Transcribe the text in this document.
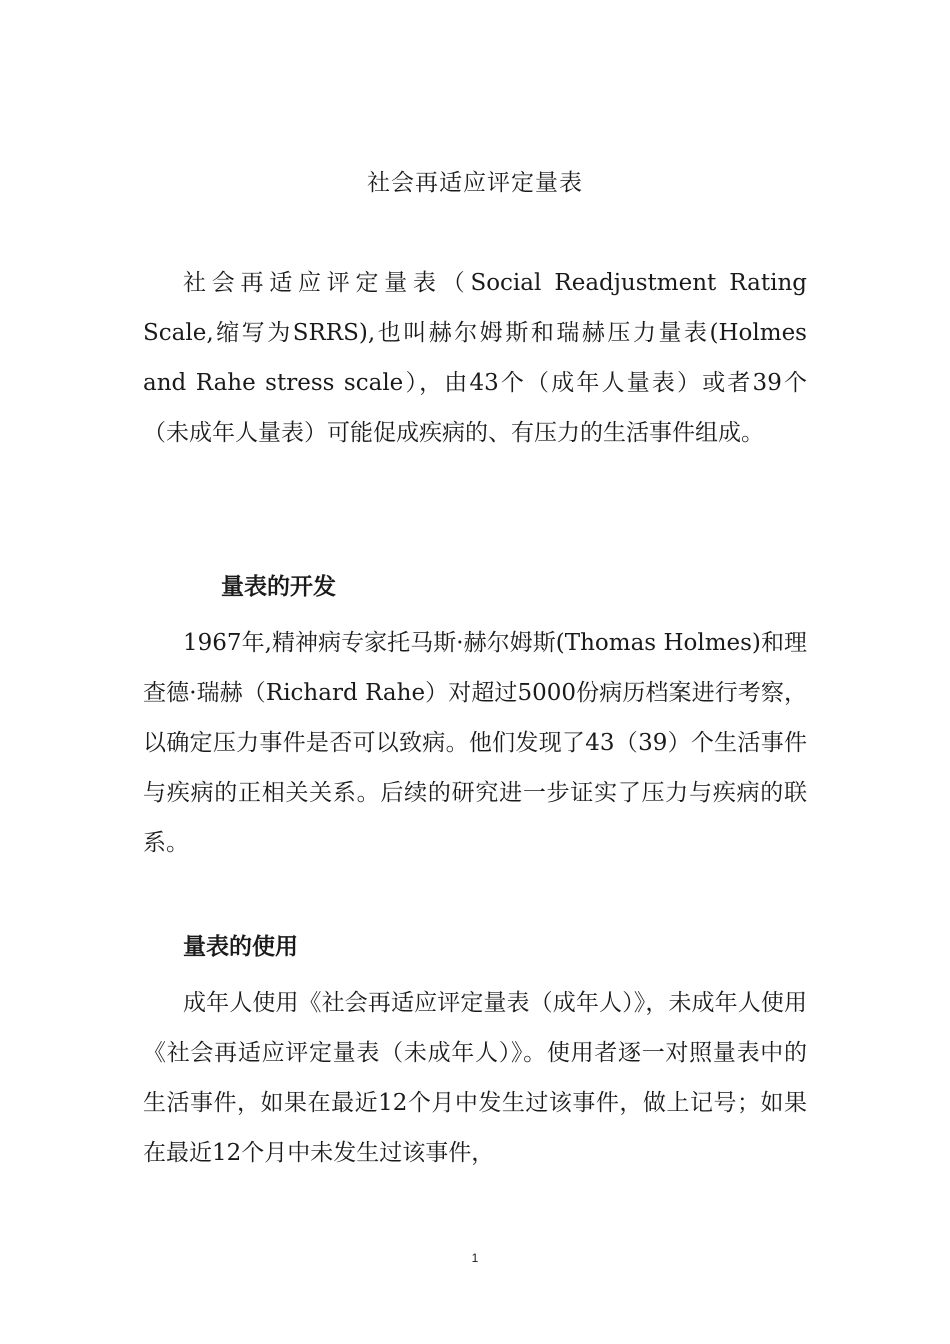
社会再适应评定量表

社会再适应评定量表（Social Readjustment Rating Scale,缩写为SRRS),也叫赫尔姆斯和瑞赫压力量表(Holmes and Rahe stress scale），由43个（成年人量表）或者39个（未成年人量表）可能促成疾病的、有压力的生活事件组成。

量表的开发

1967年,精神病专家托马斯·赫尔姆斯(Thomas Holmes)和理查德·瑞赫（Richard Rahe）对超过5000份病历档案进行考察，以确定压力事件是否可以致病。他们发现了43（39）个生活事件与疾病的正相关关系。后续的研究进一步证实了压力与疾病的联系。

量表的使用

成年人使用《社会再适应评定量表（成年人）》，未成年人使用《社会再适应评定量表（未成年人）》。使用者逐一对照量表中的生活事件，如果在最近12个月中发生过该事件，做上记号；如果在最近12个月中未发生过该事件，

1
